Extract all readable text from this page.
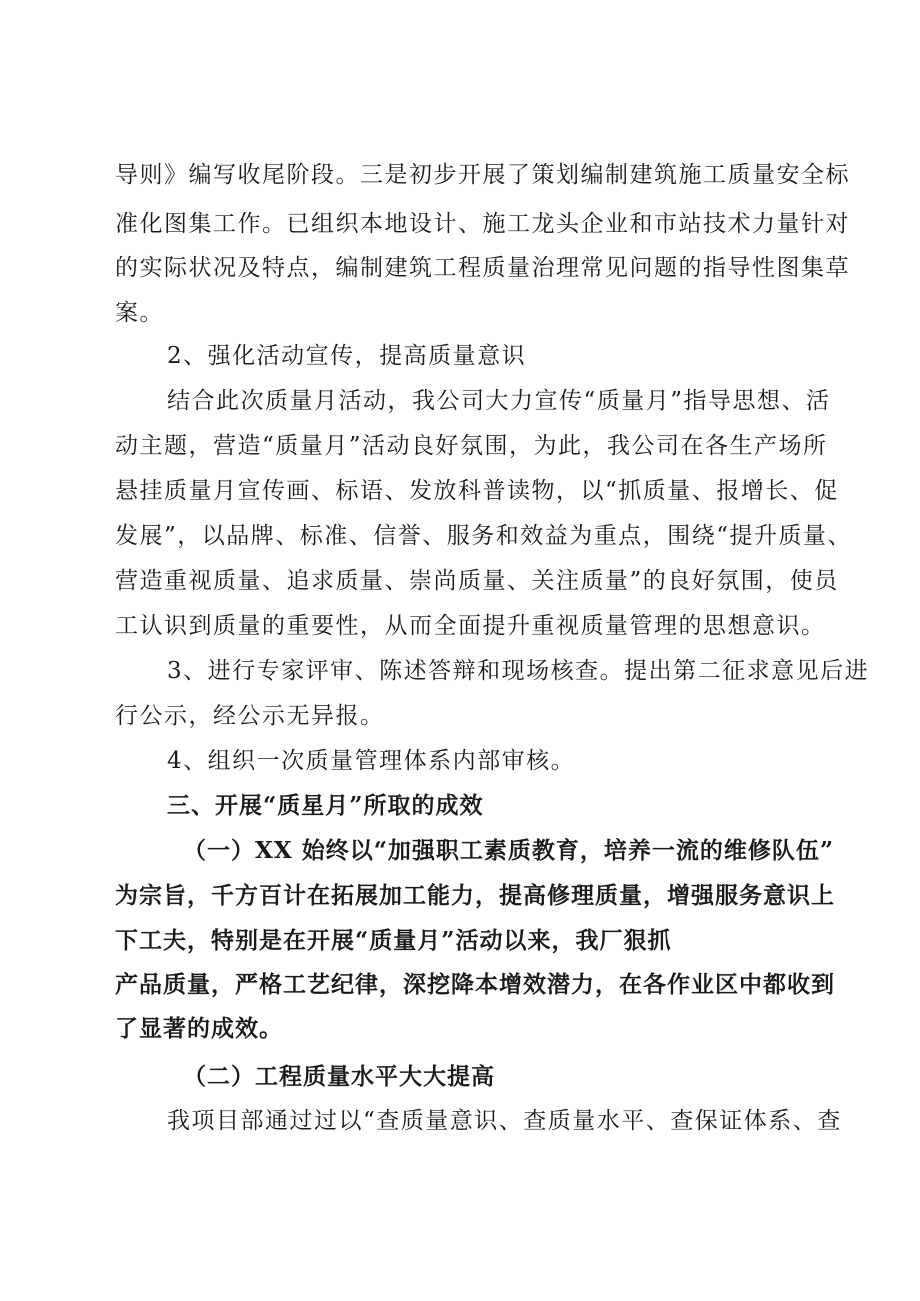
导则》编写收尾阶段。三是初步开展了策划编制建筑施工质量安全标
准化图集工作。已组织本地设计、施工龙头企业和市站技术力量针对
的实际状况及特点，编制建筑工程质量治理常见问题的指导性图集草
案。
2、强化活动宣传，提高质量意识
结合此次质量月活动，我公司大力宣传“质量月”指导思想、活
动主题，营造“质量月”活动良好氛围，为此，我公司在各生产场所
悬挂质量月宣传画、标语、发放科普读物，以“抓质量、报增长、促
发展”，以品牌、标准、信誉、服务和效益为重点，围绕“提升质量、
营造重视质量、追求质量、崇尚质量、关注质量”的良好氛围，使员
工认识到质量的重要性，从而全面提升重视质量管理的思想意识。
3、进行专家评审、陈述答辩和现场核查。提出第二征求意见后进
行公示，经公示无异报。
4、组织一次质量管理体系内部审核。
三、开展“质星月”所取的成效
（一）XX 始终以“加强职工素质教育，培养一流的维修队伍”
为宗旨，千方百计在拓展加工能力，提高修理质量，增强服务意识上
下工夫，特别是在开展“质量月”活动以来，我厂狠抓
产品质量，严格工艺纪律，深挖降本增效潜力，在各作业区中都收到
了显著的成效。
（二）工程质量水平大大提高
我项目部通过过以“查质量意识、查质量水平、查保证体系、查
